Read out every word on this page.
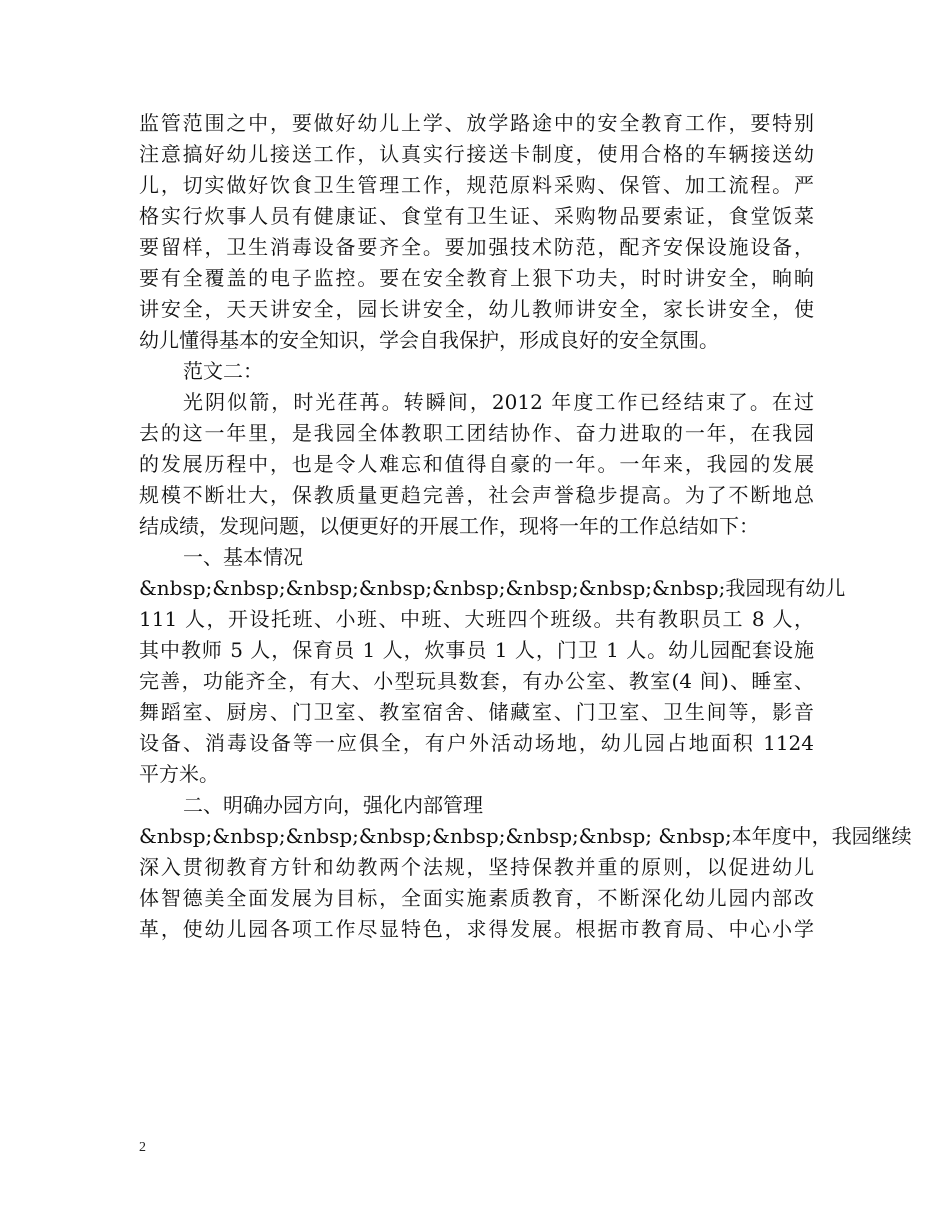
监管范围之中，要做好幼儿上学、放学路途中的安全教育工作，要特别
注意搞好幼儿接送工作，认真实行接送卡制度，使用合格的车辆接送幼
儿，切实做好饮食卫生管理工作，规范原料采购、保管、加工流程。严
格实行炊事人员有健康证、食堂有卫生证、采购物品要索证，食堂饭菜
要留样，卫生消毒设备要齐全。要加强技术防范，配齐安保设施设备，
要有全覆盖的电子监控。要在安全教育上狠下功夫，时时讲安全，晌晌
讲安全，天天讲安全，园长讲安全，幼儿教师讲安全，家长讲安全，使
幼儿懂得基本的安全知识，学会自我保护，形成良好的安全氛围。
范文二：
光阴似箭，时光荏苒。转瞬间，2012 年度工作已经结束了。在过
去的这一年里，是我园全体教职工团结协作、奋力进取的一年，在我园
的发展历程中，也是令人难忘和值得自豪的一年。一年来，我园的发展
规模不断壮大，保教质量更趋完善，社会声誉稳步提高。为了不断地总
结成绩，发现问题，以便更好的开展工作，现将一年的工作总结如下：
一、基本情况
&nbsp;&nbsp;&nbsp;&nbsp;&nbsp;&nbsp;&nbsp;&nbsp;我园现有幼儿
111 人，开设托班、小班、中班、大班四个班级。共有教职员工 8 人，
其中教师 5 人，保育员 1 人，炊事员 1 人，门卫 1 人。幼儿园配套设施
完善，功能齐全，有大、小型玩具数套，有办公室、教室(4 间)、睡室、
舞蹈室、厨房、门卫室、教室宿舍、储藏室、门卫室、卫生间等，影音
设备、消毒设备等一应俱全，有户外活动场地，幼儿园占地面积 1124
平方米。
二、明确办园方向，强化内部管理
&nbsp;&nbsp;&nbsp;&nbsp;&nbsp;&nbsp;&nbsp; &nbsp;本年度中，我园继续
深入贯彻教育方针和幼教两个法规，坚持保教并重的原则，以促进幼儿
体智德美全面发展为目标，全面实施素质教育，不断深化幼儿园内部改
革，使幼儿园各项工作尽显特色，求得发展。根据市教育局、中心小学
2
